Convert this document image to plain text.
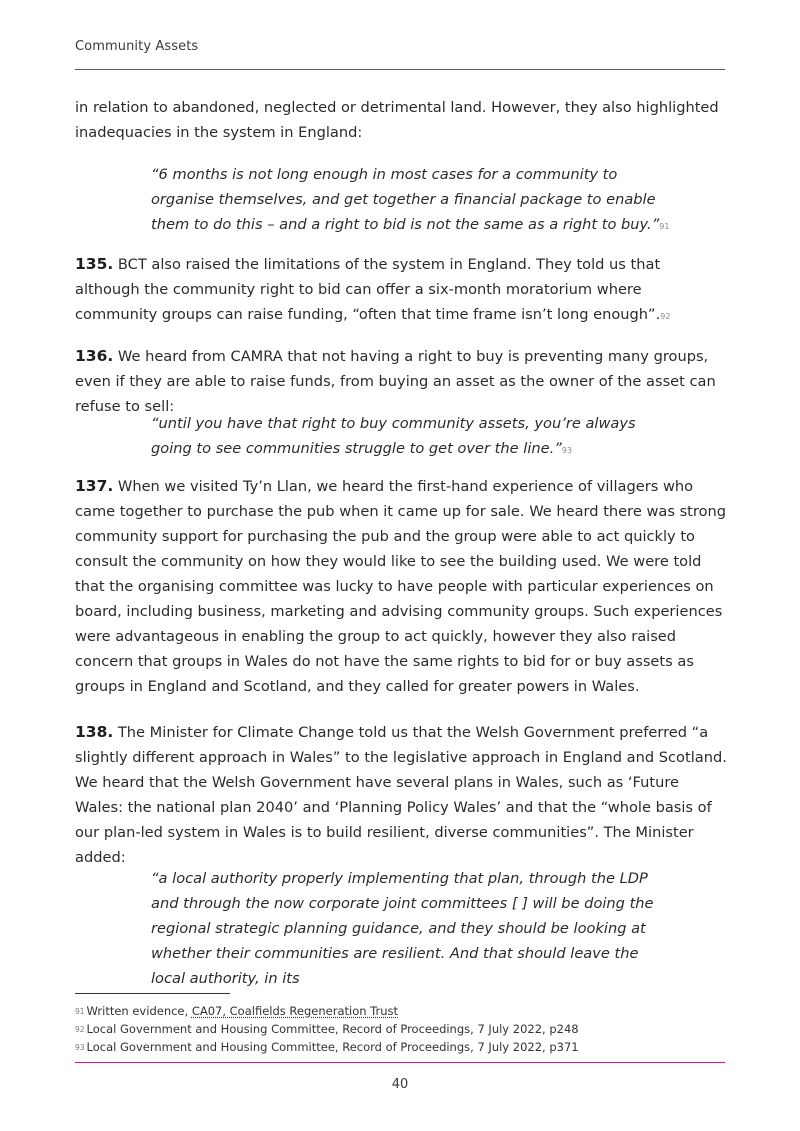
Community Assets

in relation to abandoned, neglected or detrimental land. However, they also highlighted inadequacies in the system in England:

“6 months is not long enough in most cases for a community to organise themselves, and get together a financial package to enable them to do this – and a right to bid is not the same as a right to buy.”$^{91}$

135. BCT also raised the limitations of the system in England. They told us that although the community right to bid can offer a six-month moratorium where community groups can raise funding, “often that time frame isn’t long enough”.$^{92}$

136. We heard from CAMRA that not having a right to buy is preventing many groups, even if they are able to raise funds, from buying an asset as the owner of the asset can refuse to sell:

“until you have that right to buy community assets, you’re always going to see communities struggle to get over the line.”$^{93}$

137. When we visited Ty’n Llan, we heard the first-hand experience of villagers who came together to purchase the pub when it came up for sale. We heard there was strong community support for purchasing the pub and the group were able to act quickly to consult the community on how they would like to see the building used. We were told that the organising committee was lucky to have people with particular experiences on board, including business, marketing and advising community groups. Such experiences were advantageous in enabling the group to act quickly, however they also raised concern that groups in Wales do not have the same rights to bid for or buy assets as groups in England and Scotland, and they called for greater powers in Wales.

138. The Minister for Climate Change told us that the Welsh Government preferred “a slightly different approach in Wales” to the legislative approach in England and Scotland. We heard that the Welsh Government have several plans in Wales, such as ‘Future Wales: the national plan 2040’ and ‘Planning Policy Wales’ and that the “whole basis of our plan-led system in Wales is to build resilient, diverse communities”. The Minister added:

“a local authority properly implementing that plan, through the LDP and through the now corporate joint committees [ ] will be doing the regional strategic planning guidance, and they should be looking at whether their communities are resilient. And that should leave the local authority, in its

$^{91}$ Written evidence, CA07, Coalfields Regeneration Trust
$^{92}$ Local Government and Housing Committee, Record of Proceedings, 7 July 2022, p248
$^{93}$ Local Government and Housing Committee, Record of Proceedings, 7 July 2022, p371
40
